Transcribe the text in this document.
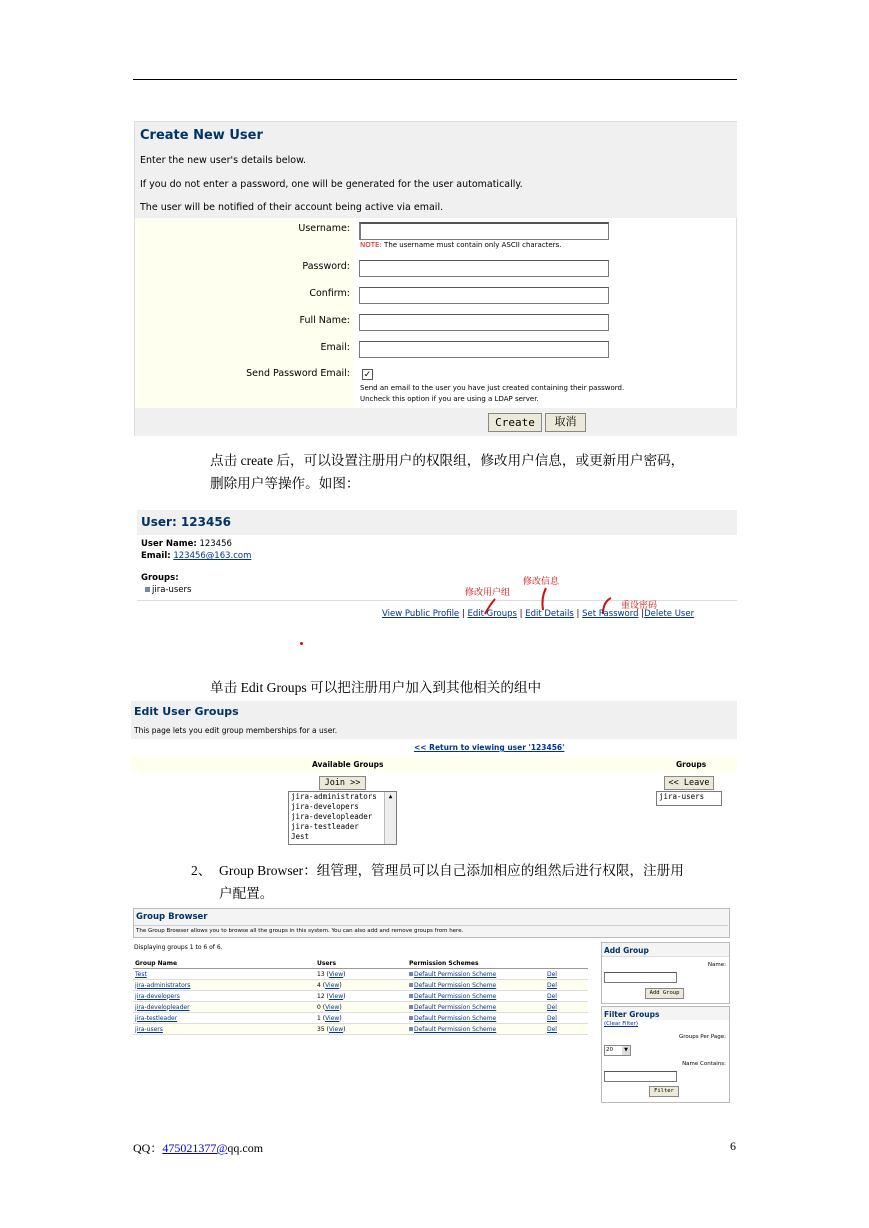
Create New User
Enter the new user's details below.
If you do not enter a password, one will be generated for the user automatically.
The user will be notified of their account being active via email.
Username:
NOTE: The username must contain only ASCII characters.
Password:
Confirm:
Full Name:
Email:
Send Password Email: ✓
Send an email to the user you have just created containing their password.
Uncheck this option if you are using a LDAP server.
Create	取消
点击 create 后，可以设置注册用户的权限组，修改用户信息，或更新用户密码，
删除用户等操作。如图：
User: 123456
User Name: 123456
Email: 123456@163.com
Groups:
jira-users	修改用户组
修改信息
重设密码
View Public Profile | Edit Groups | Edit Details | Set Password |Delete User
单击 Edit Groups 可以把注册用户加入到其他相关的组中
Edit User Groups
This page lets you edit group memberships for a user.
<< Return to viewing user '123456'
Available Groups	Groups
Join >>	<< Leave
jira-administrators
jira-developers
jira-developleader
jira-testleader
Jest
▲	jira-users
2、 Group Browser：组管理，管理员可以自己添加相应的组然后进行权限，注册用
户配置。
Group Browser
The Group Browser allows you to browse all the groups in this system. You can also add and remove groups from here.
Displaying groups 1 to 6 of 6.
Group Name	Users	Permission Schemes	
Test	13 (View)	Default Permission Scheme	Del
jira-administrators	4 (View)	Default Permission Scheme	Del
jira-developers	12 (View)	Default Permission Scheme	Del
jira-developleader	0 (View)	Default Permission Scheme	Del
jira-testleader	1 (View)	Default Permission Scheme	Del
jira-users	35 (View)	Default Permission Scheme	Del
Add Group
Name:
Add Group
Filter Groups
(Clear Filter)
Groups Per Page:
20	▼
Name Contains:
Filter
QQ：475021377@qq.com	6
